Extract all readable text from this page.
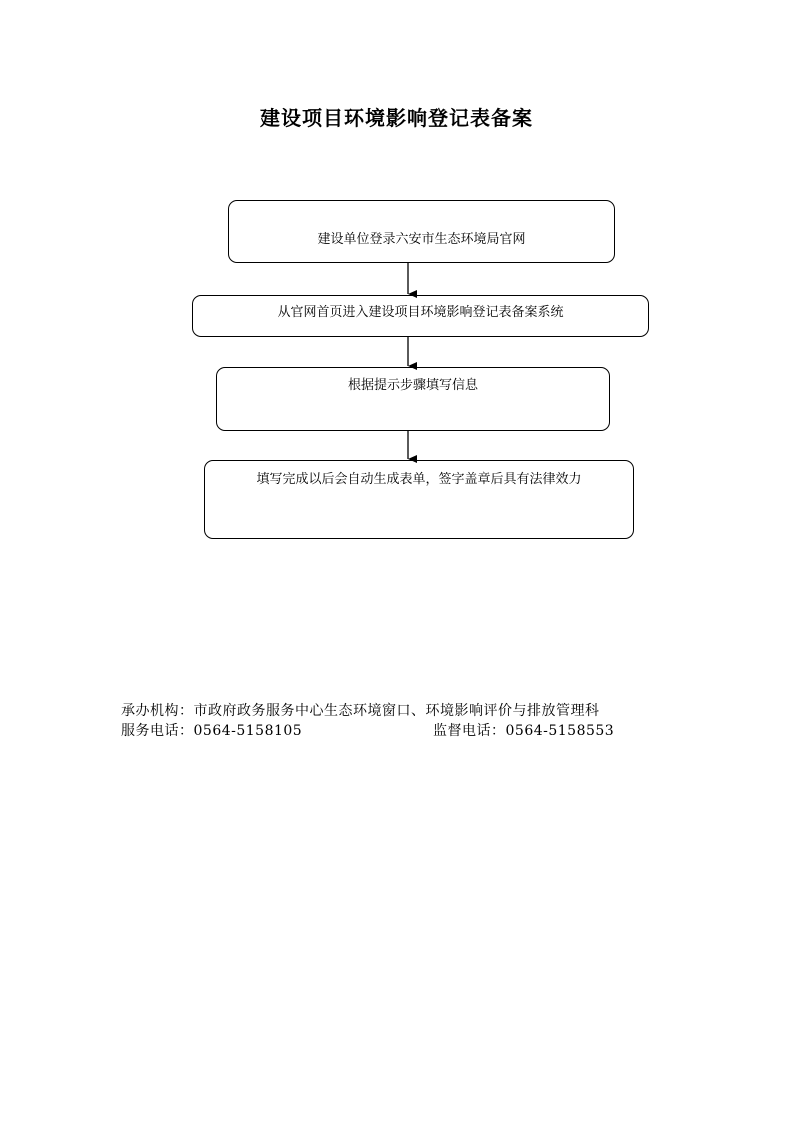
建设项目环境影响登记表备案
建设单位登录六安市生态环境局官网
从官网首页进入建设项目环境影响登记表备案系统
根据提示步骤填写信息
填写完成以后会自动生成表单，签字盖章后具有法律效力
承办机构：市政府政务服务中心生态环境窗口、环境影响评价与排放管理科
服务电话：0564-5158105	监督电话：0564-5158553
